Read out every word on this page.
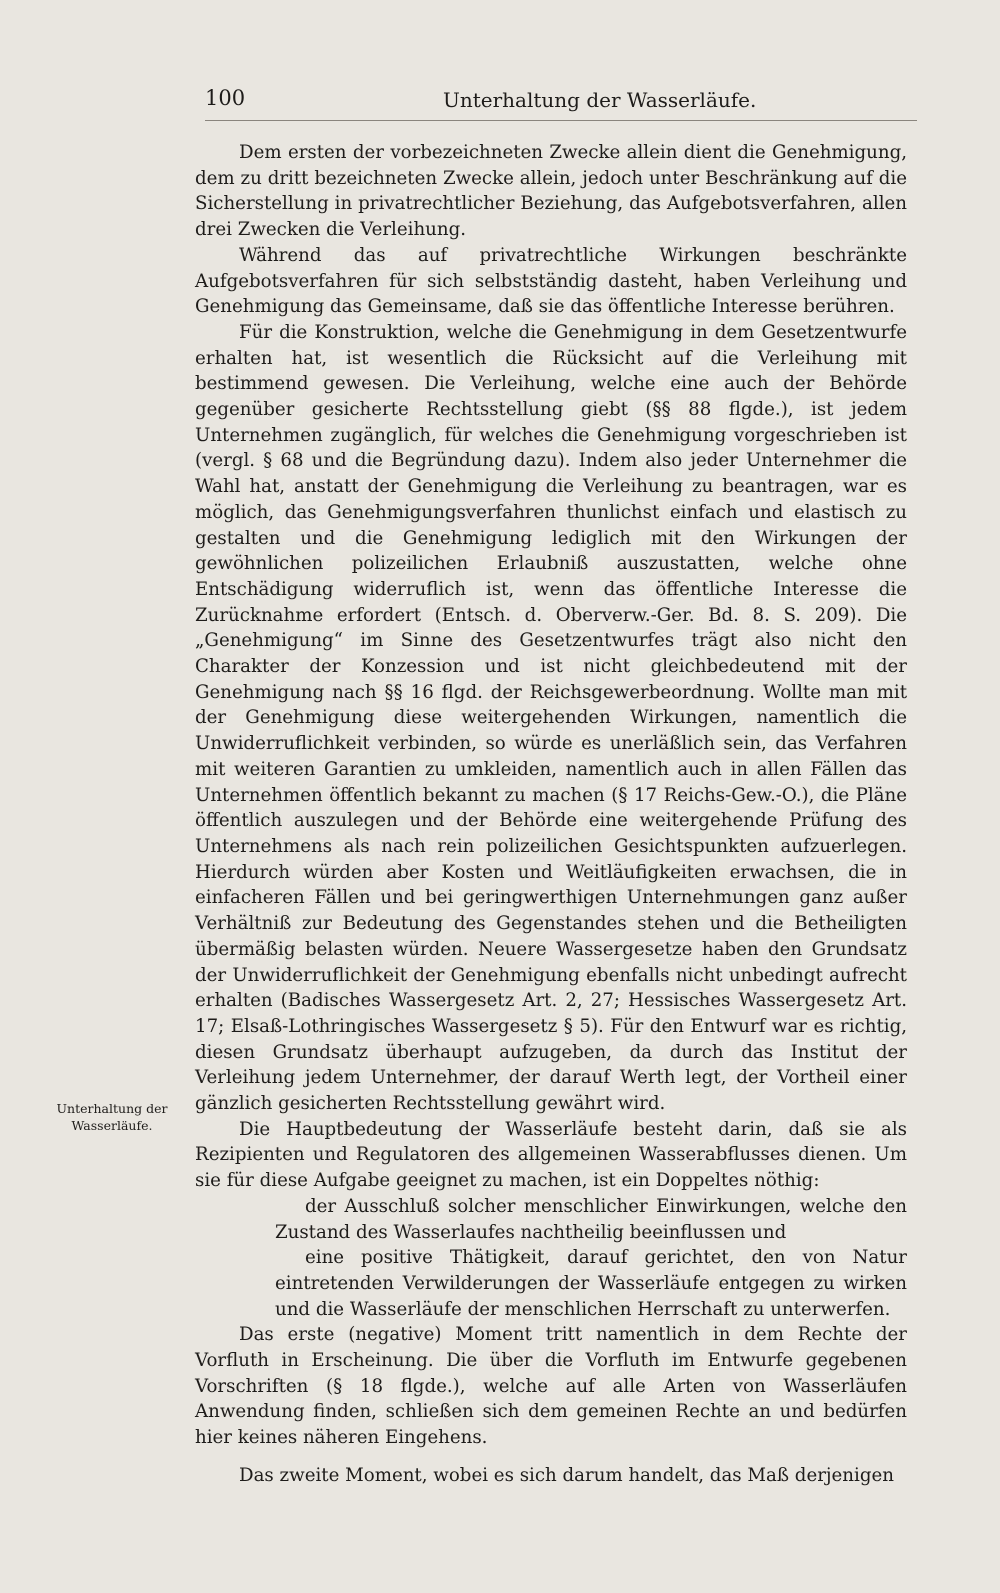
100	Unterhaltung der Wasserläufe.
Unterhaltung der Wasserläufe.

Dem ersten der vorbezeichneten Zwecke allein dient die Genehmigung, dem zu dritt bezeichneten Zwecke allein, jedoch unter Beschränkung auf die Sicherstellung in privatrechtlicher Beziehung, das Aufgebotsverfahren, allen drei Zwecken die Verleihung.

Während das auf privatrechtliche Wirkungen beschränkte Aufgebotsverfahren für sich selbstständig dasteht, haben Verleihung und Genehmigung das Gemeinsame, daß sie das öffentliche Interesse berühren.

Für die Konstruktion, welche die Genehmigung in dem Gesetzentwurfe erhalten hat, ist wesentlich die Rücksicht auf die Verleihung mit bestimmend gewesen. Die Verleihung, welche eine auch der Behörde gegenüber gesicherte Rechtsstellung giebt (§§ 88 flgde.), ist jedem Unternehmen zugänglich, für welches die Genehmigung vorgeschrieben ist (vergl. § 68 und die Begründung dazu). Indem also jeder Unternehmer die Wahl hat, anstatt der Genehmigung die Verleihung zu beantragen, war es möglich, das Genehmigungsverfahren thunlichst einfach und elastisch zu gestalten und die Genehmigung lediglich mit den Wirkungen der gewöhnlichen polizeilichen Erlaubniß auszustatten, welche ohne Entschädigung widerruflich ist, wenn das öffentliche Interesse die Zurücknahme erfordert (Entsch. d. Oberverw.-Ger. Bd. 8. S. 209). Die „Genehmigung“ im Sinne des Gesetzentwurfes trägt also nicht den Charakter der Konzession und ist nicht gleichbedeutend mit der Genehmigung nach §§ 16 flgd. der Reichsgewerbeordnung. Wollte man mit der Genehmigung diese weitergehenden Wirkungen, namentlich die Unwiderruflichkeit verbinden, so würde es unerläßlich sein, das Verfahren mit weiteren Garantien zu umkleiden, namentlich auch in allen Fällen das Unternehmen öffentlich bekannt zu machen (§ 17 Reichs-Gew.-O.), die Pläne öffentlich auszulegen und der Behörde eine weitergehende Prüfung des Unternehmens als nach rein polizeilichen Gesichtspunkten aufzuerlegen. Hierdurch würden aber Kosten und Weitläufigkeiten erwachsen, die in einfacheren Fällen und bei geringwerthigen Unternehmungen ganz außer Verhältniß zur Bedeutung des Gegenstandes stehen und die Betheiligten übermäßig belasten würden. Neuere Wassergesetze haben den Grundsatz der Unwiderruflichkeit der Genehmigung ebenfalls nicht unbedingt aufrecht erhalten (Badisches Wassergesetz Art. 2, 27; Hessisches Wassergesetz Art. 17; Elsaß-Lothringisches Wassergesetz § 5). Für den Entwurf war es richtig, diesen Grundsatz überhaupt aufzugeben, da durch das Institut der Verleihung jedem Unternehmer, der darauf Werth legt, der Vortheil einer gänzlich gesicherten Rechtsstellung gewährt wird.

Die Hauptbedeutung der Wasserläufe besteht darin, daß sie als Rezipienten und Regulatoren des allgemeinen Wasserabflusses dienen. Um sie für diese Aufgabe geeignet zu machen, ist ein Doppeltes nöthig:

der Ausschluß solcher menschlicher Einwirkungen, welche den Zustand des Wasserlaufes nachtheilig beeinflussen und
eine positive Thätigkeit, darauf gerichtet, den von Natur eintretenden Verwilderungen der Wasserläufe entgegen zu wirken und die Wasserläufe der menschlichen Herrschaft zu unterwerfen.

Das erste (negative) Moment tritt namentlich in dem Rechte der Vorfluth in Erscheinung. Die über die Vorfluth im Entwurfe gegebenen Vorschriften (§ 18 flgde.), welche auf alle Arten von Wasserläufen Anwendung finden, schließen sich dem gemeinen Rechte an und bedürfen hier keines näheren Eingehens.

Das zweite Moment, wobei es sich darum handelt, das Maß derjenigen
